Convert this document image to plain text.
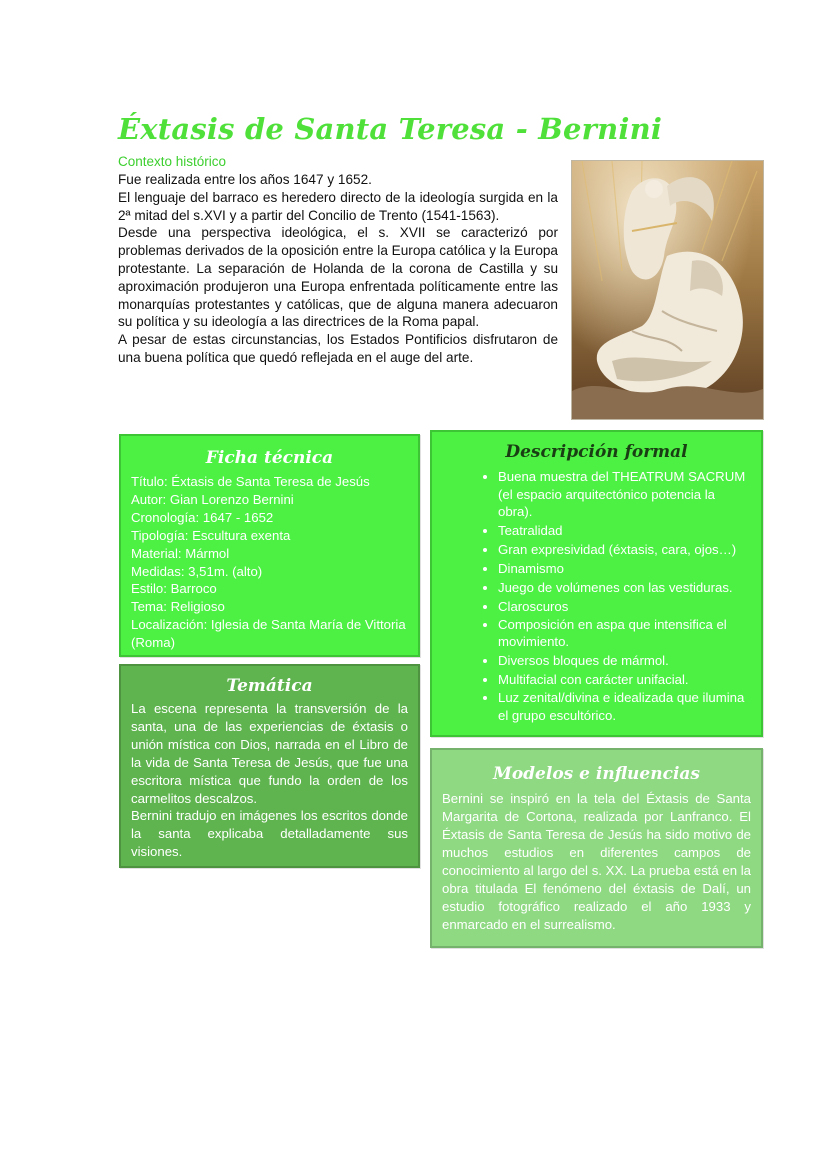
Éxtasis de Santa Teresa - Bernini
Contexto histórico

Fue realizada entre los años 1647 y 1652.

El lenguaje del barraco es heredero directo de la ideología surgida en la 2ª mitad del s.XVI y a partir del Concilio de Trento (1541-1563).

Desde una perspectiva ideológica, el s. XVII se caracterizó por problemas derivados de la oposición entre la Europa católica y la Europa protestante. La separación de Holanda de la corona de Castilla y su aproximación produjeron una Europa enfrentada políticamente entre las monarquías protestantes y católicas, que de alguna manera adecuaron su política y su ideología a las directrices de la Roma papal.

A pesar de estas circunstancias, los Estados Pontificios disfrutaron de una buena política que quedó reflejada en el auge del arte.

Ficha técnica
Título: Éxtasis de Santa Teresa de Jesús
Autor: Gian Lorenzo Bernini
Cronología: 1647 - 1652
Tipología: Escultura exenta
Material: Mármol
Medidas: 3,51m. (alto)
Estilo: Barroco
Tema: Religioso
Localización: Iglesia de Santa María de Vittoria (Roma)
Temática

La escena representa la transversión de la santa, una de las experiencias de éxtasis o unión mística con Dios, narrada en el Libro de la vida de Santa Teresa de Jesús, que fue una escritora mística que fundo la orden de los carmelitos descalzos.

Bernini tradujo en imágenes los escritos donde la santa explicaba detalladamente sus visiones.

Descripción formal
• Buena muestra del THEATRUM SACRUM (el espacio arquitectónico potencia la obra).
• Teatralidad
• Gran expresividad (éxtasis, cara, ojos…)
• Dinamismo
• Juego de volúmenes con las vestiduras.
• Claroscuros
• Composición en aspa que intensifica el movimiento.
• Diversos bloques de mármol.
• Multifacial con carácter unifacial.
• Luz zenital/divina e idealizada que ilumina el grupo escultórico.
Modelos e influencias
Bernini se inspiró en la tela del Éxtasis de Santa Margarita de Cortona, realizada por Lanfranco. El Éxtasis de Santa Teresa de Jesús ha sido motivo de muchos estudios en diferentes campos de conocimiento al largo del s. XX. La prueba está en la obra titulada El fenómeno del éxtasis de Dalí, un estudio fotográfico realizado el año 1933 y enmarcado en el surrealismo.
